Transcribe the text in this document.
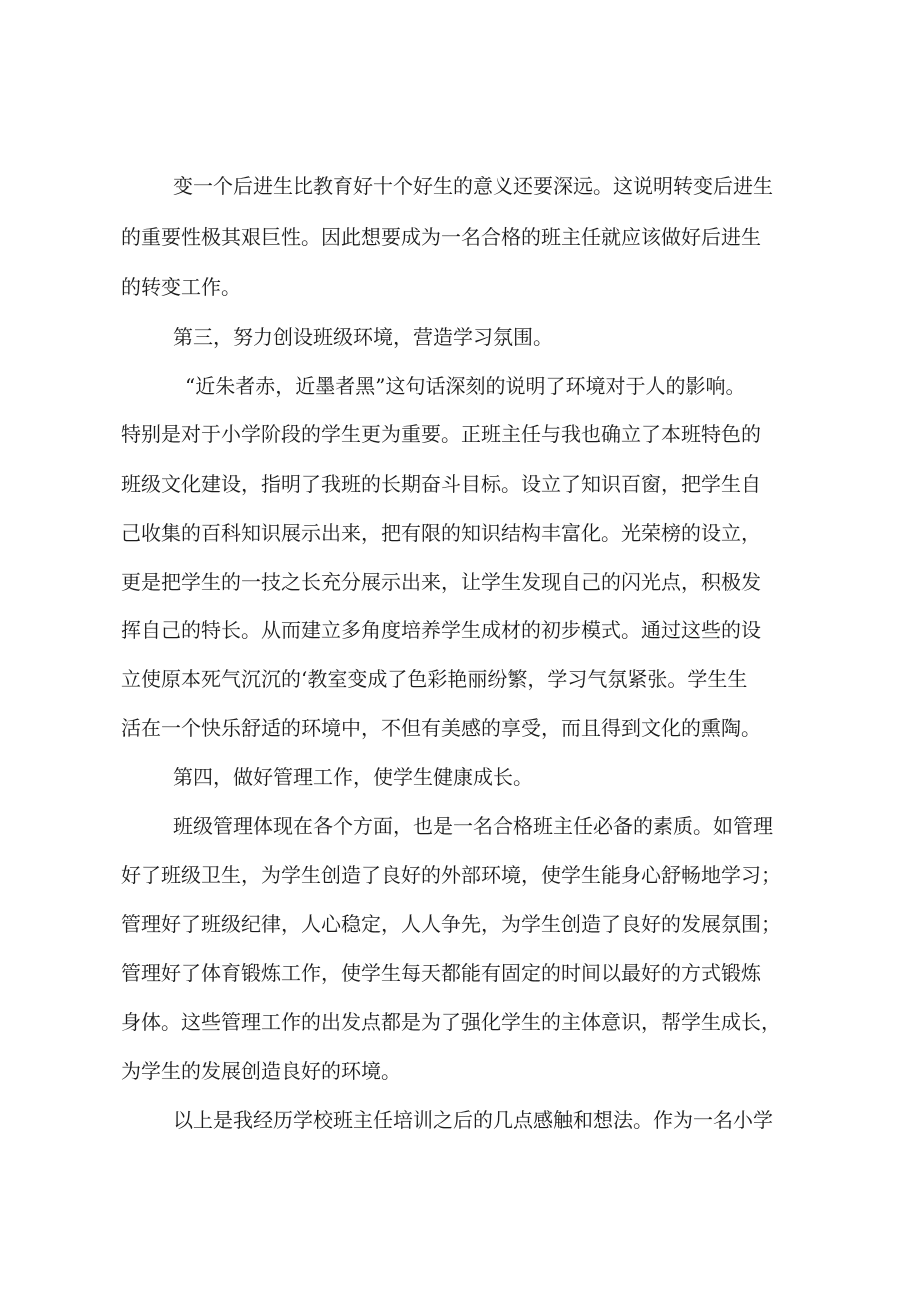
变一个后进生比教育好十个好生的意义还要深远。这说明转变后进生

的重要性极其艰巨性。因此想要成为一名合格的班主任就应该做好后进生

的转变工作。

第三，努力创设班级环境，营造学习氛围。

“近朱者赤，近墨者黑”这句话深刻的说明了环境对于人的影响。

特别是对于小学阶段的学生更为重要。正班主任与我也确立了本班特色的

班级文化建设，指明了我班的长期奋斗目标。设立了知识百窗，把学生自

己收集的百科知识展示出来，把有限的知识结构丰富化。光荣榜的设立，

更是把学生的一技之长充分展示出来，让学生发现自己的闪光点，积极发

挥自己的特长。从而建立多角度培养学生成材的初步模式。通过这些的设

立使原本死气沉沉的‘教室变成了色彩艳丽纷繁，学习气氛紧张。学生生

活在一个快乐舒适的环境中，不但有美感的享受，而且得到文化的熏陶。

第四，做好管理工作，使学生健康成长。

班级管理体现在各个方面，也是一名合格班主任必备的素质。如管理

好了班级卫生，为学生创造了良好的外部环境，使学生能身心舒畅地学习；

管理好了班级纪律，人心稳定，人人争先，为学生创造了良好的发展氛围；

管理好了体育锻炼工作，使学生每天都能有固定的时间以最好的方式锻炼

身体。这些管理工作的出发点都是为了强化学生的主体意识，帮学生成长，

为学生的发展创造良好的环境。

以上是我经历学校班主任培训之后的几点感触和想法。作为一名小学
